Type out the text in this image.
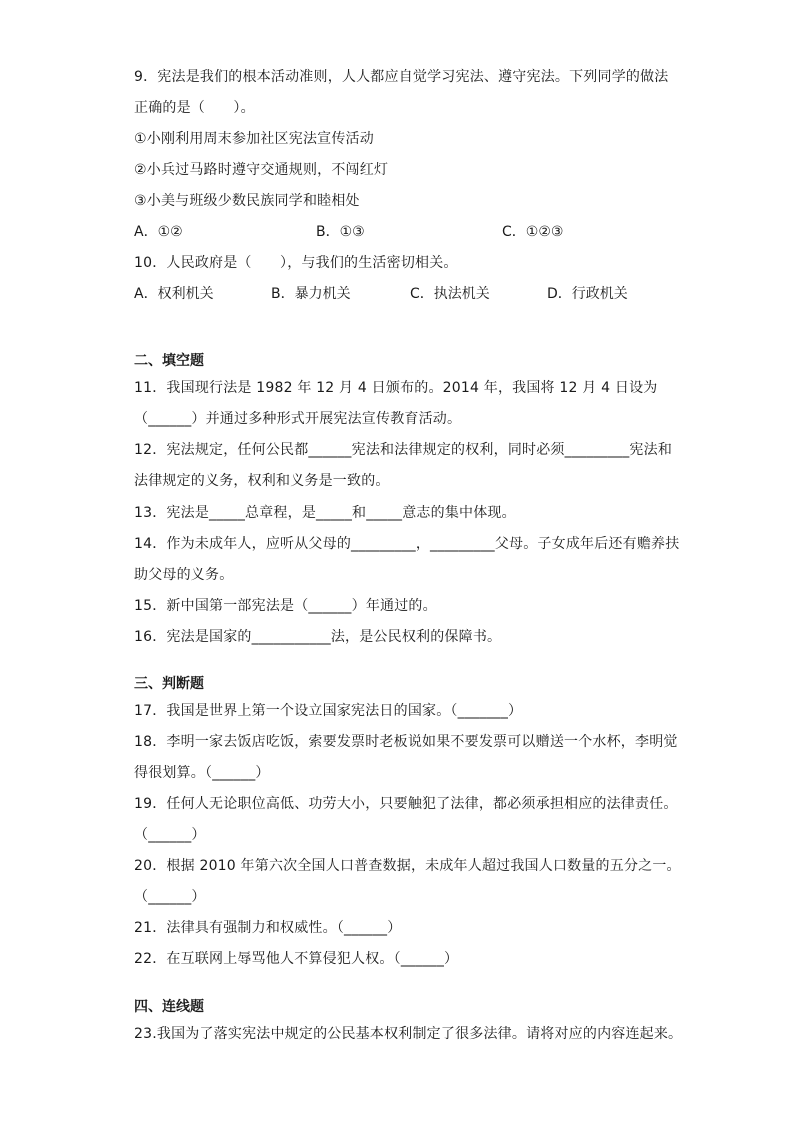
9．宪法是我们的根本活动准则，人人都应自觉学习宪法、遵守宪法。下列同学的做法
正确的是（　　）。
①小刚利用周末参加社区宪法宣传活动
②小兵过马路时遵守交通规则，不闯红灯
③小美与班级少数民族同学和睦相处
A．①②	B．①③	C．①②③
10．人民政府是（　　），与我们的生活密切相关。
A．权利机关	B．暴力机关	C．执法机关	D．行政机关
二、填空题
11．我国现行法是 1982 年 12 月 4 日颁布的。2014 年，我国将 12 月 4 日设为
（______）并通过多种形式开展宪法宣传教育活动。
12．宪法规定，任何公民都______宪法和法律规定的权利，同时必须_________宪法和
法律规定的义务，权利和义务是一致的。
13．宪法是_____总章程，是_____和_____意志的集中体现。
14．作为未成年人，应听从父母的_________，_________父母。子女成年后还有赡养扶
助父母的义务。
15．新中国第一部宪法是（______）年通过的。
16．宪法是国家的___________法，是公民权利的保障书。
三、判断题
17．我国是世界上第一个设立国家宪法日的国家。（_______）
18．李明一家去饭店吃饭，索要发票时老板说如果不要发票可以赠送一个水杯，李明觉
得很划算。（______）
19．任何人无论职位高低、功劳大小，只要触犯了法律，都必须承担相应的法律责任。
（______）
20．根据 2010 年第六次全国人口普查数据，未成年人超过我国人口数量的五分之一。
（______）
21．法律具有强制力和权威性。（______）
22．在互联网上辱骂他人不算侵犯人权。（______）
四、连线题
23.我国为了落实宪法中规定的公民基本权利制定了很多法律。请将对应的内容连起来。
